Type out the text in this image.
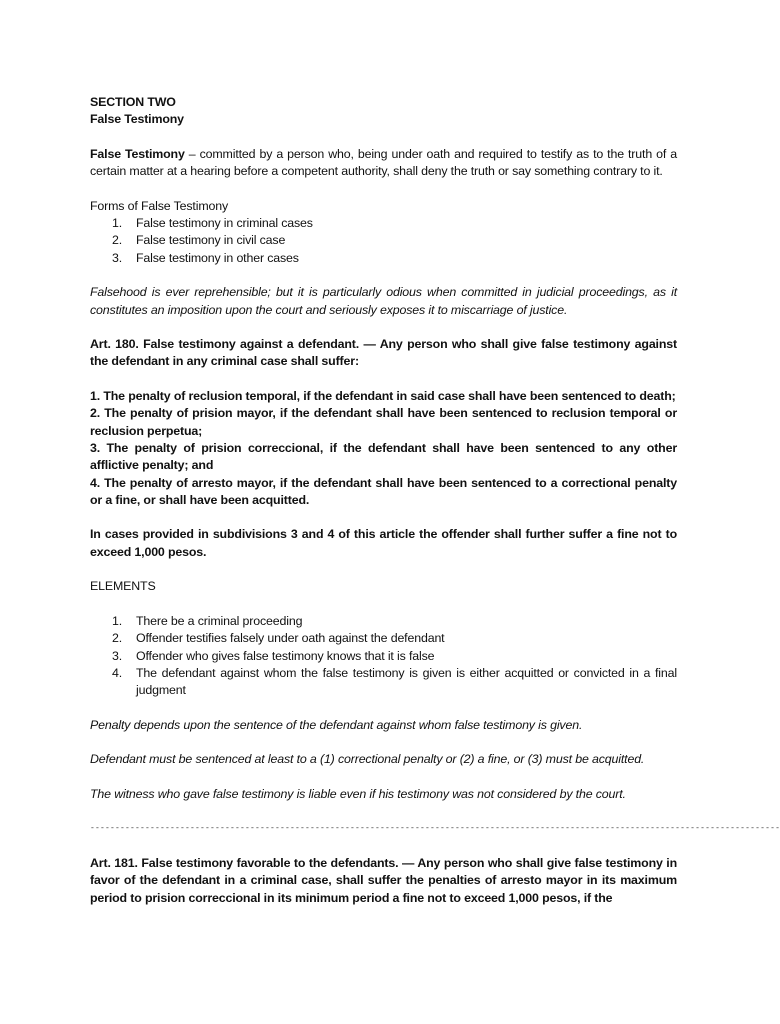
SECTION TWO
False Testimony

False Testimony – committed by a person who, being under oath and required to testify as to the truth of a certain matter at a hearing before a competent authority, shall deny the truth or say something contrary to it.

Forms of False Testimony
1.	False testimony in criminal cases
2.	False testimony in civil case
3.	False testimony in other cases

Falsehood is ever reprehensible; but it is particularly odious when committed in judicial proceedings, as it constitutes an imposition upon the court and seriously exposes it to miscarriage of justice.

Art. 180. False testimony against a defendant. — Any person who shall give false testimony against the defendant in any criminal case shall suffer:

1. The penalty of reclusion temporal, if the defendant in said case shall have been sentenced to death;
2. The penalty of prision mayor, if the defendant shall have been sentenced to reclusion temporal or reclusion perpetua;
3. The penalty of prision correccional, if the defendant shall have been sentenced to any other afflictive penalty; and
4. The penalty of arresto mayor, if the defendant shall have been sentenced to a correctional penalty or a fine, or shall have been acquitted.

In cases provided in subdivisions 3 and 4 of this article the offender shall further suffer a fine not to exceed 1,000 pesos.

ELEMENTS
1.	There be a criminal proceeding
2.	Offender testifies falsely under oath against the defendant
3.	Offender who gives false testimony knows that it is false
4.	The defendant against whom the false testimony is given is either acquitted or convicted in a final judgment

Penalty depends upon the sentence of the defendant against whom false testimony is given.

Defendant must be sentenced at least to a (1) correctional penalty or (2) a fine, or (3) must be acquitted.

The witness who gave false testimony is liable even if his testimony was not considered by the court.

------------------------------------------------------------------------------------------------------------------------------------------

Art. 181. False testimony favorable to the defendants. — Any person who shall give false testimony in favor of the defendant in a criminal case, shall suffer the penalties of arresto mayor in its maximum period to prision correccional in its minimum period a fine not to exceed 1,000 pesos, if the
